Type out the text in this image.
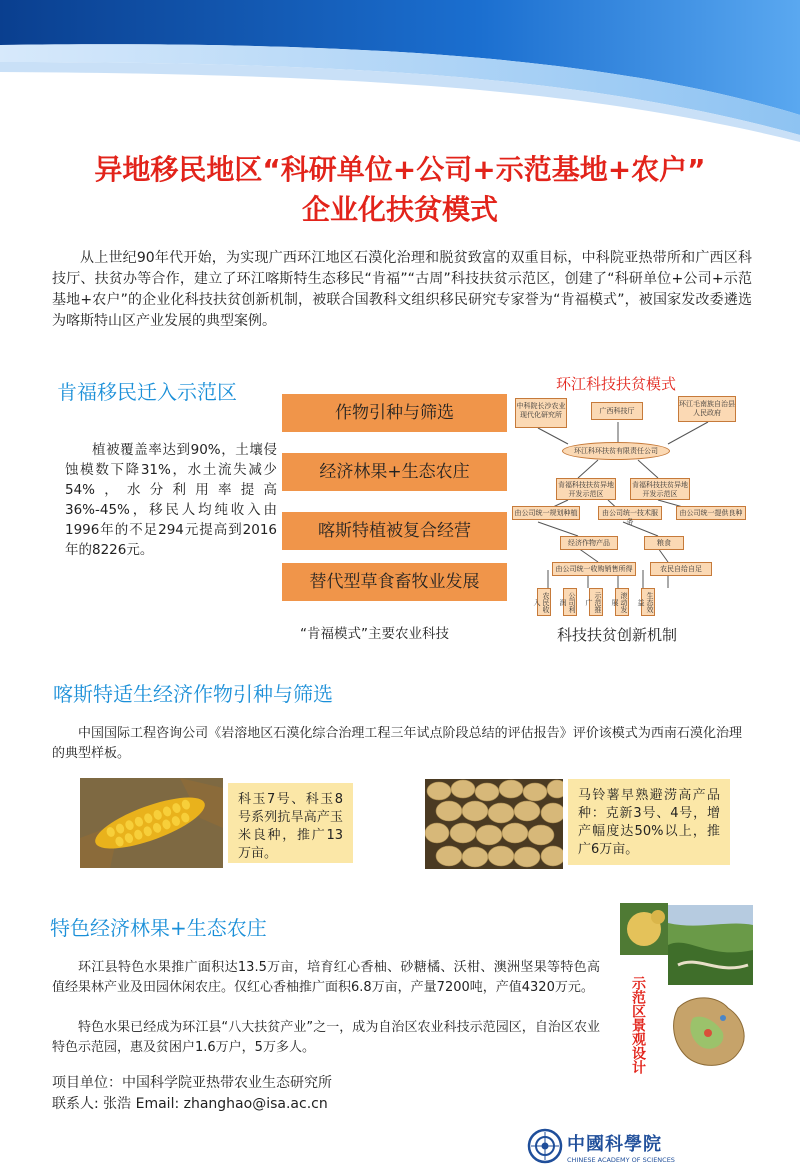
异地移民地区“科研单位+公司+示范基地+农户”
企业化扶贫模式

从上世纪90年代开始，为实现广西环江地区石漠化治理和脱贫致富的双重目标，中科院亚热带所和广西区科技厅、扶贫办等合作，建立了环江喀斯特生态移民“肯福”“古周”科技扶贫示范区，创建了“科研单位+公司+示范基地+农户”的企业化科技扶贫创新机制，被联合国教科文组织移民研究专家誉为“肯福模式”，被国家发改委遴选为喀斯特山区产业发展的典型案例。

肯福移民迁入示范区

植被覆盖率达到90%，土壤侵蚀模数下降31%，水土流失减少54%，水分利用率提高36%-45%，移民人均纯收入由1996年的不足294元提高到2016年的8226元。

作物引种与筛选
经济林果+生态农庄
喀斯特植被复合经营
替代型草食畜牧业发展
“肯福模式”主要农业科技
环江科技扶贫模式
中科院长沙农业现代化研究所	广西科技厅
环江毛南族自治县人民政府
环江科环扶贫有限责任公司
肯福科技扶贫异地开发示范区
肯福科技扶贫异地开发示范区
由公司统一规划种植	由公司统一技术服务
由公司统一提供良种
经济作物产品	粮食
由公司统一收购销售所得	农民自给自足
农民收入	公司利润	示范推广	滚动发展	生态效益
科技扶贫创新机制
喀斯特适生经济作物引种与筛选

中国国际工程咨询公司《岩溶地区石漠化综合治理工程三年试点阶段总结的评估报告》评价该模式为西南石漠化治理的典型样板。

科玉7号、科玉8号系列抗旱高产玉米良种，推广13万亩。
马铃薯早熟避涝高产品种：克新3号、4号，增产幅度达50%以上，推广6万亩。
特色经济林果+生态农庄

环江县特色水果推广面积达13.5万亩，培育红心香柚、砂糖橘、沃柑、澳洲坚果等特色高值经果林产业及田园休闲农庄。仅红心香柚推广面积6.8万亩，产量7200吨，产值4320万元。

特色水果已经成为环江县“八大扶贫产业”之一，成为自治区农业科技示范园区，自治区农业特色示范园，惠及贫困户1.6万户，5万多人。	示范区景观设计
项目单位：中国科学院亚热带农业生态研究所
联系人: 张浩 Email: zhanghao@isa.ac.cn
中國科學院
CHINESE ACADEMY OF SCIENCES
